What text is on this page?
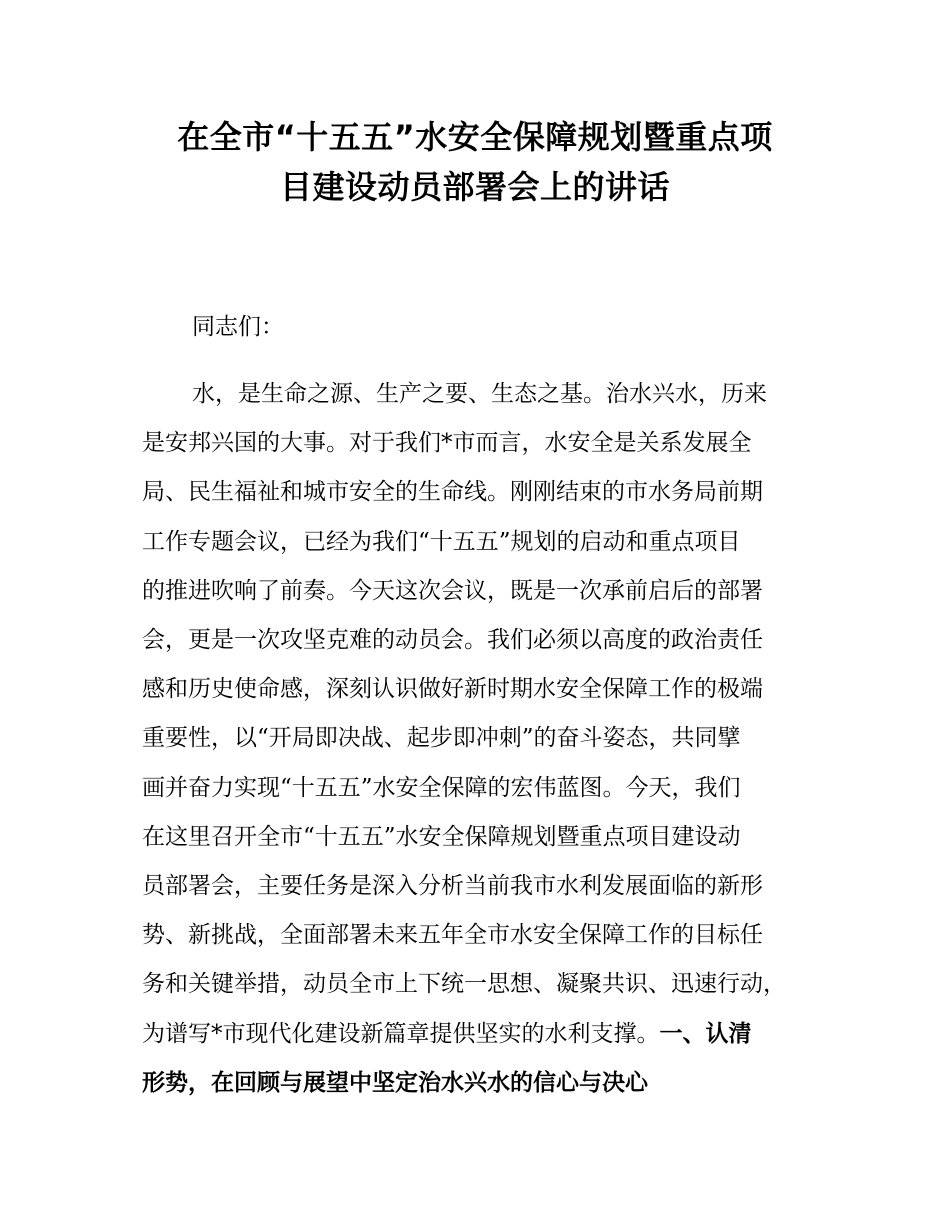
在全市“十五五”水安全保障规划暨重点项
目建设动员部署会上的讲话

同志们：

水，是生命之源、生产之要、生态之基。治水兴水，历来
是安邦兴国的大事。对于我们*市而言，水安全是关系发展全
局、民生福祉和城市安全的生命线。刚刚结束的市水务局前期
工作专题会议，已经为我们“十五五”规划的启动和重点项目
的推进吹响了前奏。今天这次会议，既是一次承前启后的部署
会，更是一次攻坚克难的动员会。我们必须以高度的政治责任
感和历史使命感，深刻认识做好新时期水安全保障工作的极端
重要性，以“开局即决战、起步即冲刺”的奋斗姿态，共同擘
画并奋力实现“十五五”水安全保障的宏伟蓝图。今天，我们
在这里召开全市“十五五”水安全保障规划暨重点项目建设动
员部署会，主要任务是深入分析当前我市水利发展面临的新形
势、新挑战，全面部署未来五年全市水安全保障工作的目标任
务和关键举措，动员全市上下统一思想、凝聚共识、迅速行动，
为谱写*市现代化建设新篇章提供坚实的水利支撑。一、认清
形势，在回顾与展望中坚定治水兴水的信心与决心
